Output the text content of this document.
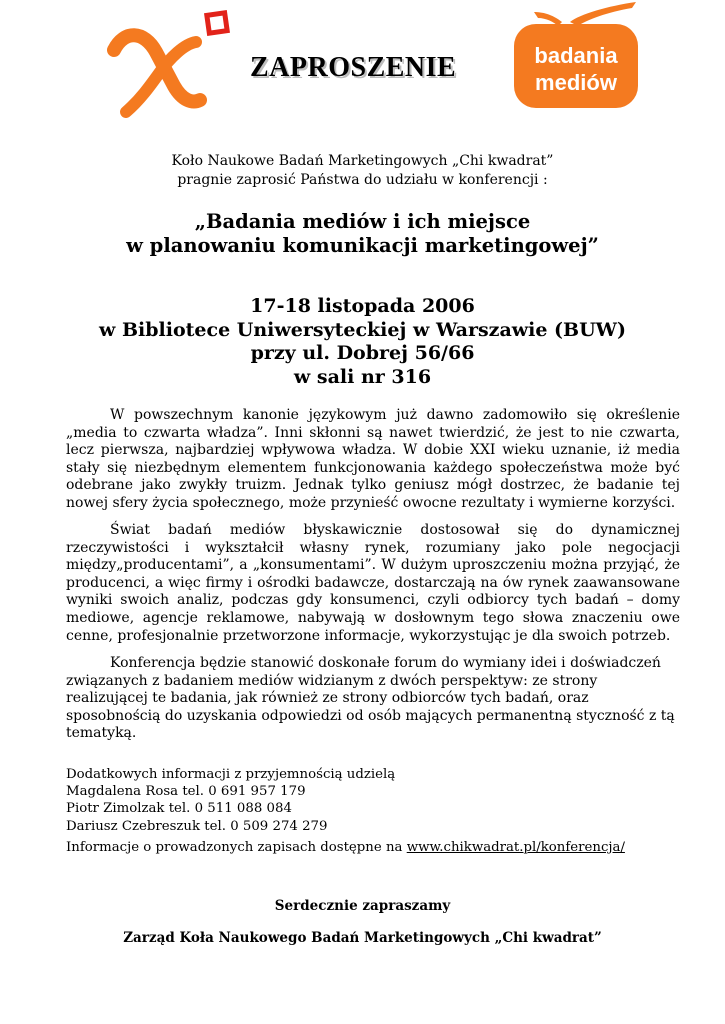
ZAPROSZENIE	badania
mediów
Koło Naukowe Badań Marketingowych „Chi kwadrat”
pragnie zaprosić Państwa do udziału w konferencji :
„Badania mediów i ich miejsce
w planowaniu komunikacji marketingowej”
17-18 listopada 2006
w Bibliotece Uniwersyteckiej w Warszawie (BUW)
przy ul. Dobrej 56/66
w sali nr 316

W powszechnym kanonie językowym już dawno zadomowiło się określenie „media to czwarta władza”. Inni skłonni są nawet twierdzić, że jest to nie czwarta, lecz pierwsza, najbardziej wpływowa władza. W dobie XXI wieku uznanie, iż media stały się niezbędnym elementem funkcjonowania każdego społeczeństwa może być odebrane jako zwykły truizm. Jednak tylko geniusz mógł dostrzec, że badanie tej nowej sfery życia społecznego, może przynieść owocne rezultaty i wymierne korzyści.

Świat badań mediów błyskawicznie dostosował się do dynamicznej rzeczywistości i wykształcił własny rynek, rozumiany jako pole negocjacji między„producentami”, a „konsumentami”. W dużym uproszczeniu można przyjąć, że producenci, a więc firmy i ośrodki badawcze, dostarczają na ów rynek zaawansowane wyniki swoich analiz, podczas gdy konsumenci, czyli odbiorcy tych badań – domy mediowe, agencje reklamowe, nabywają w dosłownym tego słowa znaczeniu owe cenne, profesjonalnie przetworzone informacje, wykorzystując je dla swoich potrzeb.

Konferencja będzie stanowić doskonałe forum do wymiany idei i doświadczeń związanych z badaniem mediów widzianym z dwóch perspektyw: ze strony realizującej te badania, jak również ze strony odbiorców tych badań, oraz sposobnością do uzyskania odpowiedzi od osób mających permanentną styczność z tą tematyką.

Dodatkowych informacji z przyjemnością udzielą
Magdalena Rosa tel. 0 691 957 179
Piotr Zimolzak tel. 0 511 088 084
Dariusz Czebreszuk tel. 0 509 274 279
Informacje o prowadzonych zapisach dostępne na www.chikwadrat.pl/konferencja/
Serdecznie zapraszamy
Zarząd Koła Naukowego Badań Marketingowych „Chi kwadrat”
